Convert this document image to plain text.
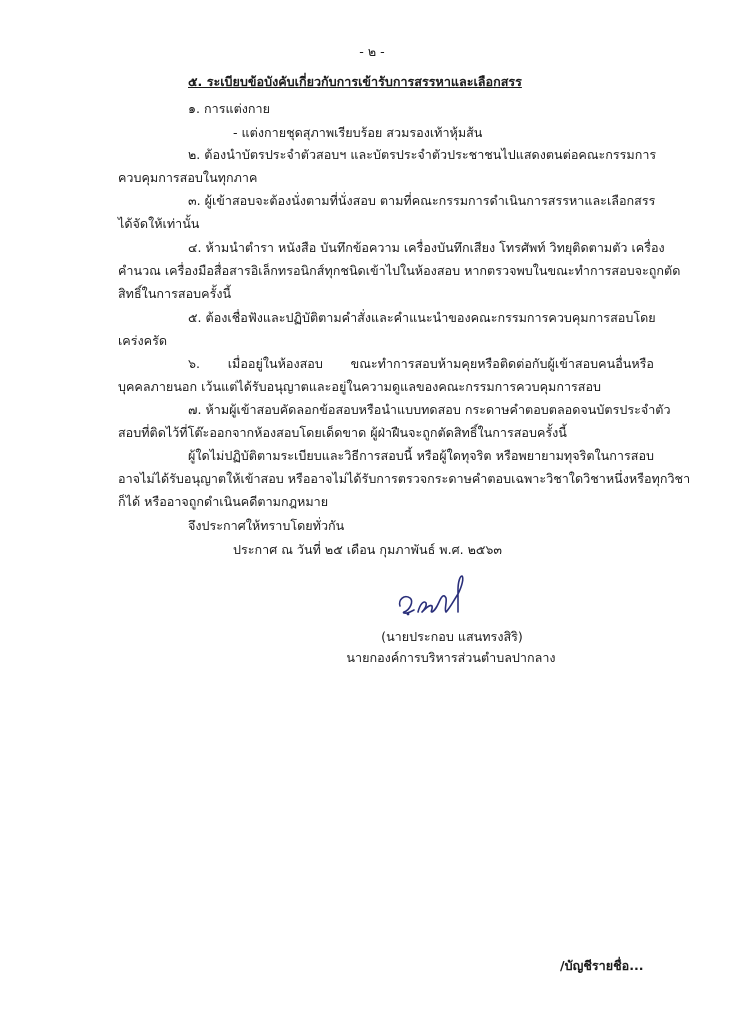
- ๒ -
๕. ระเบียบข้อบังคับเกี่ยวกับการเข้ารับการสรรหาและเลือกสรร
๑. การแต่งกาย
- แต่งกายชุดสุภาพเรียบร้อย สวมรองเท้าหุ้มส้น
๒. ต้องนำบัตรประจำตัวสอบฯ และบัตรประจำตัวประชาชนไปแสดงตนต่อคณะกรรมการ
ควบคุมการสอบในทุกภาค
๓. ผู้เข้าสอบจะต้องนั่งตามที่นั่งสอบ ตามที่คณะกรรมการดำเนินการสรรหาและเลือกสรร
ได้จัดให้เท่านั้น
๔. ห้ามนำตำรา หนังสือ บันทึกข้อความ เครื่องบันทึกเสียง โทรศัพท์ วิทยุติดตามตัว เครื่อง
คำนวณ เครื่องมือสื่อสารอิเล็กทรอนิกส์ทุกชนิดเข้าไปในห้องสอบ หากตรวจพบในขณะทำการสอบจะถูกตัด
สิทธิ์ในการสอบครั้งนี้
๕. ต้องเชื่อฟังและปฏิบัติตามคำสั่งและคำแนะนำของคณะกรรมการควบคุมการสอบโดย
เคร่งครัด
๖. เมื่ออยู่ในห้องสอบ ขณะทำการสอบห้ามคุยหรือติดต่อกับผู้เข้าสอบคนอื่นหรือ
บุคคลภายนอก เว้นแต่ได้รับอนุญาตและอยู่ในความดูแลของคณะกรรมการควบคุมการสอบ
๗. ห้ามผู้เข้าสอบคัดลอกข้อสอบหรือนำแบบทดสอบ กระดาษคำตอบตลอดจนบัตรประจำตัว
สอบที่ติดไว้ที่โต๊ะออกจากห้องสอบโดยเด็ดขาด ผู้ฝ่าฝืนจะถูกตัดสิทธิ์ในการสอบครั้งนี้
ผู้ใดไม่ปฏิบัติตามระเบียบและวิธีการสอบนี้ หรือผู้ใดทุจริต หรือพยายามทุจริตในการสอบ
อาจไม่ได้รับอนุญาตให้เข้าสอบ หรืออาจไม่ได้รับการตรวจกระดาษคำตอบเฉพาะวิชาใดวิชาหนึ่งหรือทุกวิชา
ก็ได้ หรืออาจถูกดำเนินคดีตามกฎหมาย
จึงประกาศให้ทราบโดยทั่วกัน
ประกาศ ณ วันที่ ๒๕ เดือน กุมภาพันธ์ พ.ศ. ๒๕๖๓
(นายประกอบ แสนทรงสิริ)
นายกองค์การบริหารส่วนตำบลปากลาง
/บัญชีรายชื่อ...
